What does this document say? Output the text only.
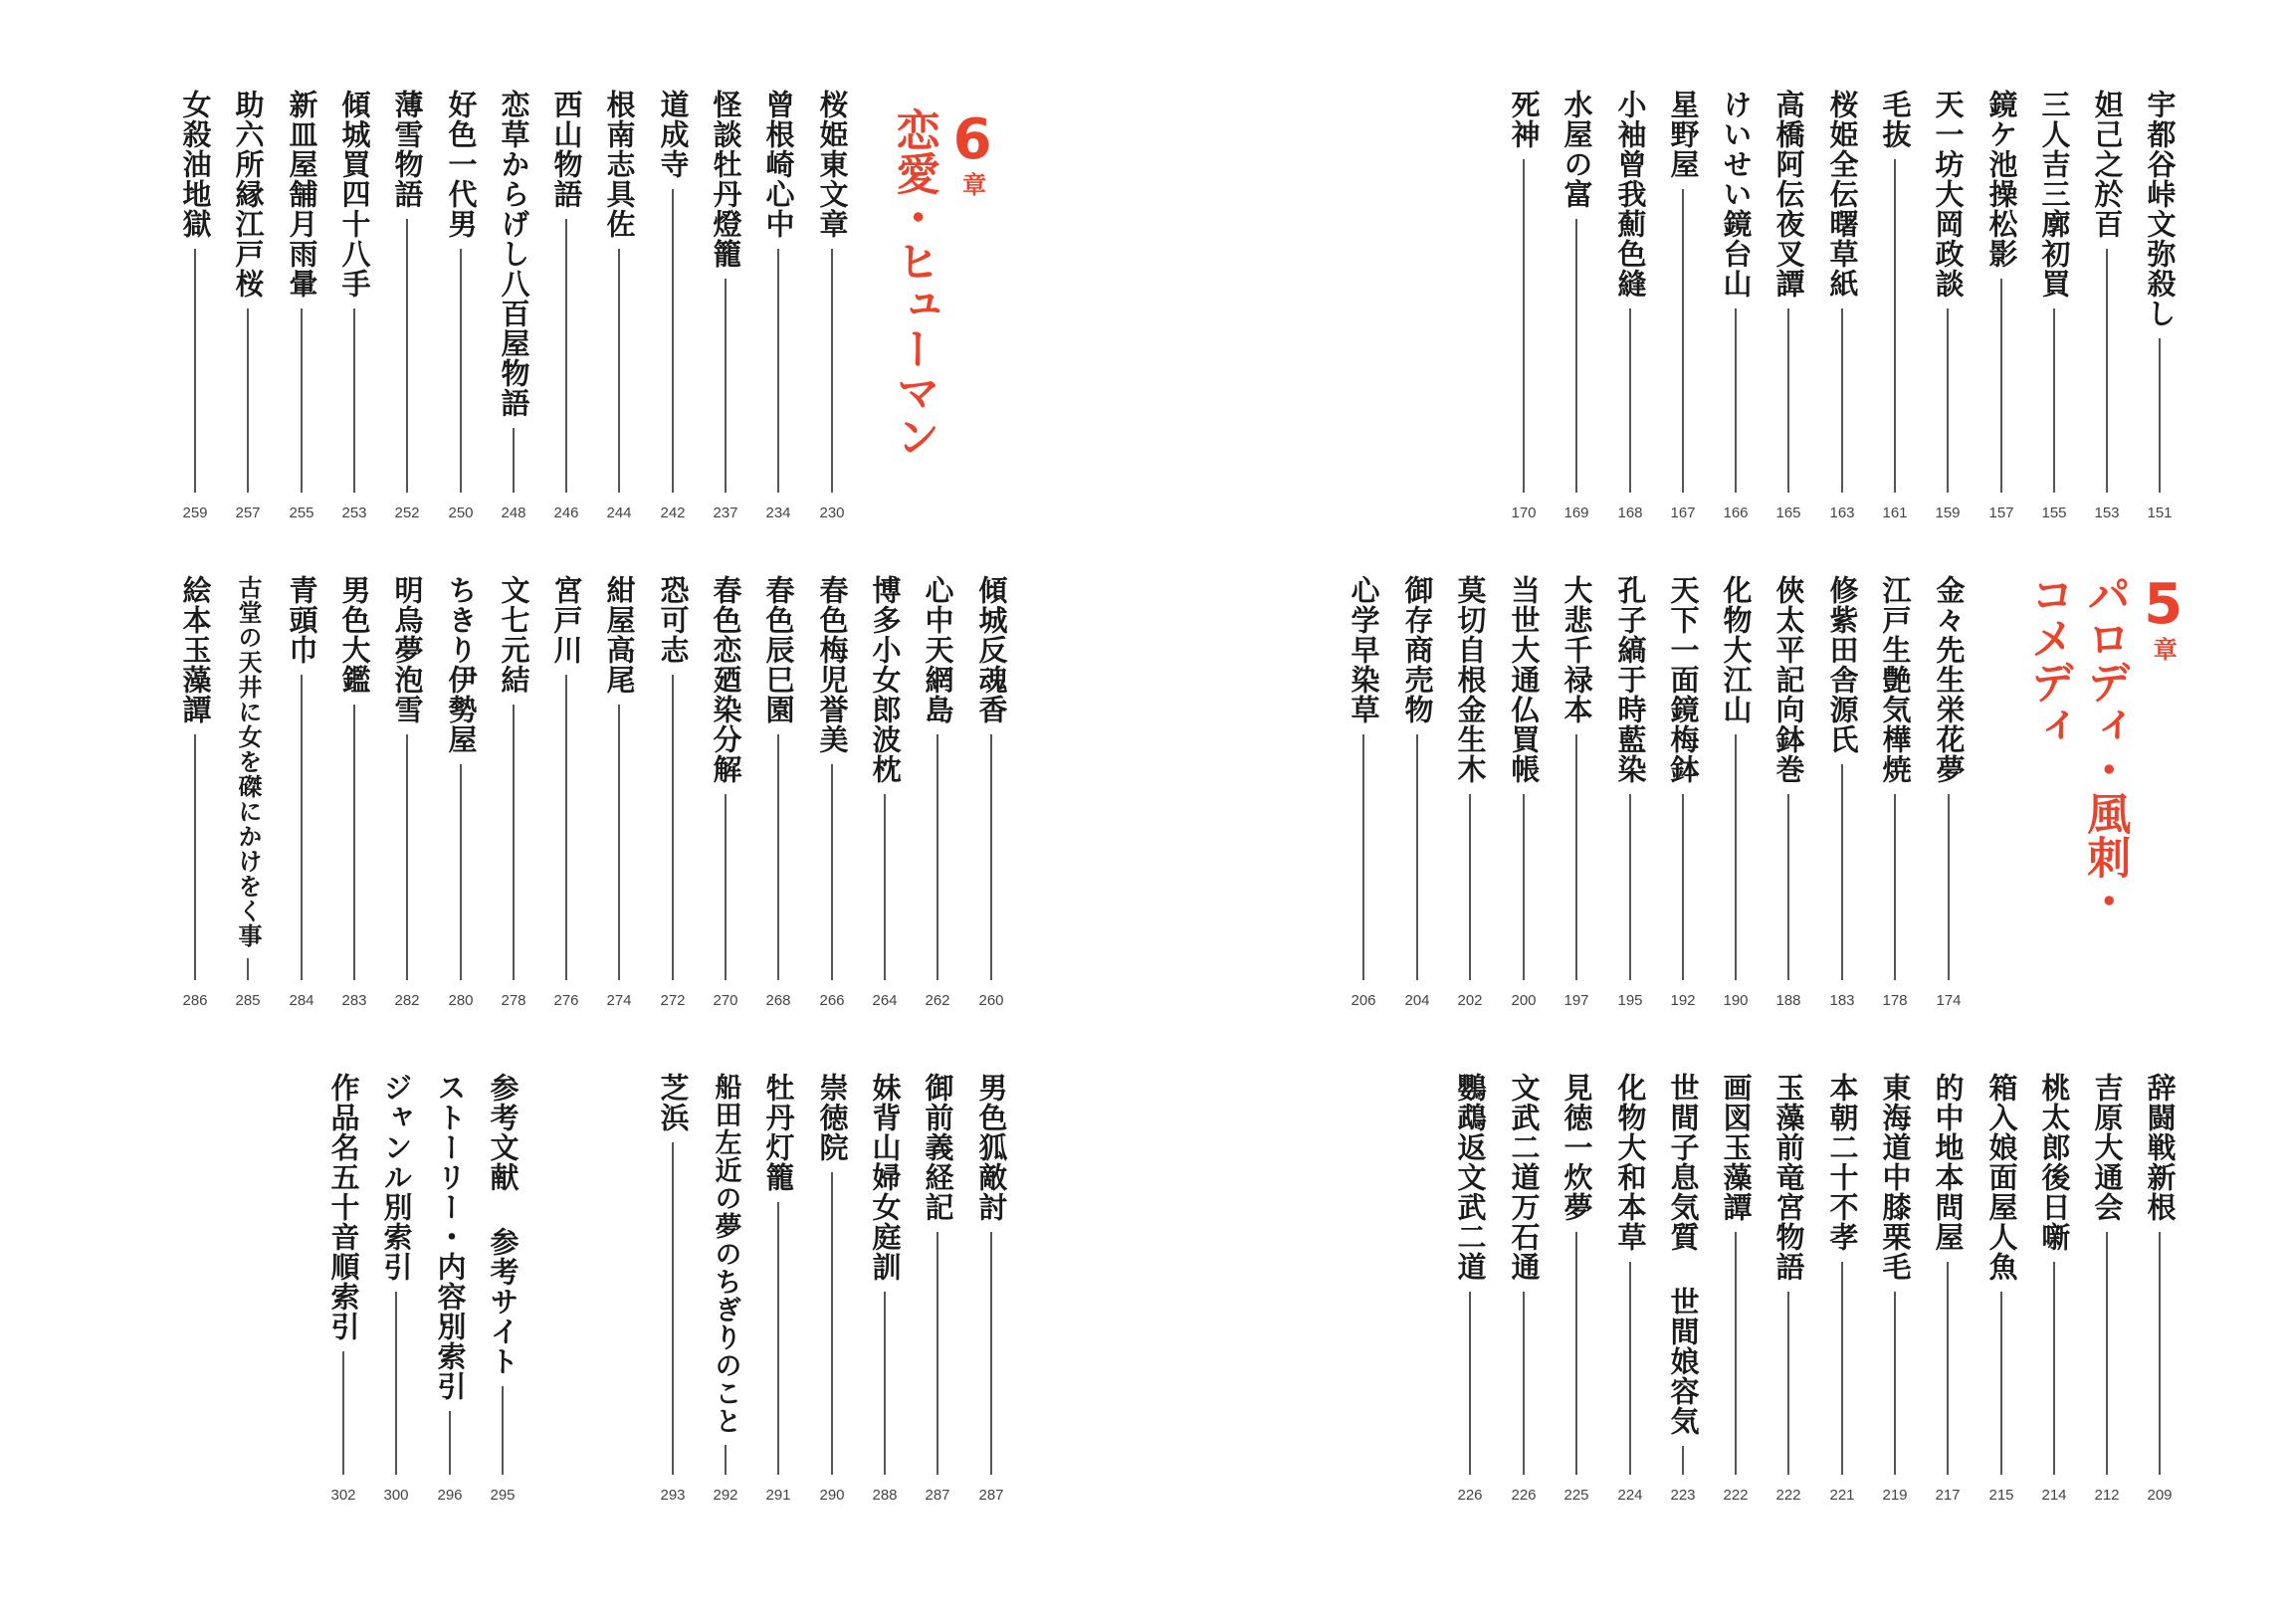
6章
恋愛・ヒューマン
5章
パロディ・風刺・
コメディ
宇都谷峠文弥殺し
151
妲己之於百
153
三人吉三廓初買
155
鏡ケ池操松影
157
天一坊大岡政談
159
毛抜
161
桜姫全伝曙草紙
163
高橋阿伝夜叉譚
165
けいせい鏡台山
166
星野屋
167
小袖曾我薊色縫
168
水屋の富
169
死神
170
金々先生栄花夢
174
江戸生艶気樺焼
178
修紫田舎源氏
183
俠太平記向鉢巻
188
化物大江山
190
天下一面鏡梅鉢
192
孔子縞于時藍染
195
大悲千禄本
197
当世大通仏買帳
200
莫切自根金生木
202
御存商売物
204
心学早染草
206
辞闘戦新根
209
吉原大通会
212
桃太郎後日噺
214
箱入娘面屋人魚
215
的中地本問屋
217
東海道中膝栗毛
219
本朝二十不孝
221
玉藻前竜宮物語
222
画図玉藻譚
222
世間子息気質 世間娘容気
223
化物大和本草
224
見徳一炊夢
225
文武二道万石通
226
鸚鵡返文武二道
226
桜姫東文章
230
曾根崎心中
234
怪談牡丹燈籠
237
道成寺
242
根南志具佐
244
西山物語
246
恋草からげし八百屋物語
248
好色一代男
250
薄雪物語
252
傾城買四十八手
253
新皿屋舗月雨暈
255
助六所縁江戸桜
257
女殺油地獄
259
傾城反魂香
260
心中天網島
262
博多小女郎波枕
264
春色梅児誉美
266
春色辰巳園
268
春色恋廼染分解
270
恐可志
272
紺屋高尾
274
宮戸川
276
文七元結
278
ちきり伊勢屋
280
明烏夢泡雪
282
男色大鑑
283
青頭巾
284
古堂の天井に女を磔にかけをく事
285
絵本玉藻譚
286
男色狐敵討
287
御前義経記
287
妹背山婦女庭訓
288
崇徳院
290
牡丹灯籠
291
船田左近の夢のちぎりのこと
292
芝浜
293
参考文献 参考サイト
295
ストーリー・内容別索引
296
ジャンル別索引
300
作品名五十音順索引
302
